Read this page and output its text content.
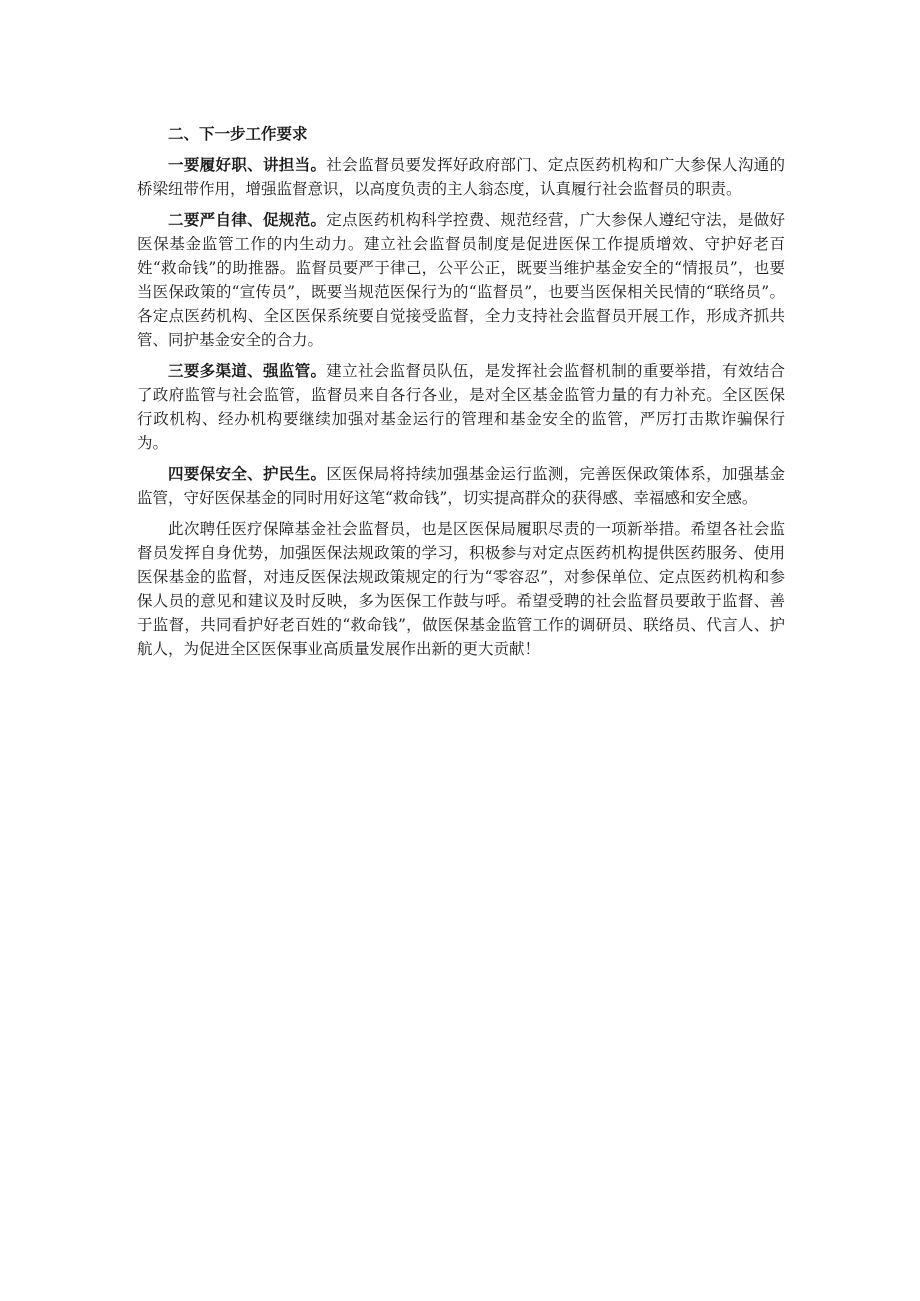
二、下一步工作要求

一要履好职、讲担当。社会监督员要发挥好政府部门、定点医药机构和广大参保人沟通的桥梁纽带作用，增强监督意识，以高度负责的主人翁态度，认真履行社会监督员的职责。

二要严自律、促规范。定点医药机构科学控费、规范经营，广大参保人遵纪守法，是做好医保基金监管工作的内生动力。建立社会监督员制度是促进医保工作提质增效、守护好老百姓“救命钱”的助推器。监督员要严于律己，公平公正，既要当维护基金安全的“情报员”，也要当医保政策的“宣传员”，既要当规范医保行为的“监督员”，也要当医保相关民情的“联络员”。各定点医药机构、全区医保系统要自觉接受监督，全力支持社会监督员开展工作，形成齐抓共管、同护基金安全的合力。

三要多渠道、强监管。建立社会监督员队伍，是发挥社会监督机制的重要举措，有效结合了政府监管与社会监管，监督员来自各行各业，是对全区基金监管力量的有力补充。全区医保行政机构、经办机构要继续加强对基金运行的管理和基金安全的监管，严厉打击欺诈骗保行为。

四要保安全、护民生。区医保局将持续加强基金运行监测，完善医保政策体系，加强基金监管，守好医保基金的同时用好这笔“救命钱”，切实提高群众的获得感、幸福感和安全感。

此次聘任医疗保障基金社会监督员，也是区医保局履职尽责的一项新举措。希望各社会监督员发挥自身优势，加强医保法规政策的学习，积极参与对定点医药机构提供医药服务、使用医保基金的监督，对违反医保法规政策规定的行为“零容忍”，对参保单位、定点医药机构和参保人员的意见和建议及时反映，多为医保工作鼓与呼。希望受聘的社会监督员要敢于监督、善于监督，共同看护好老百姓的“救命钱”，做医保基金监管工作的调研员、联络员、代言人、护航人，为促进全区医保事业高质量发展作出新的更大贡献！
